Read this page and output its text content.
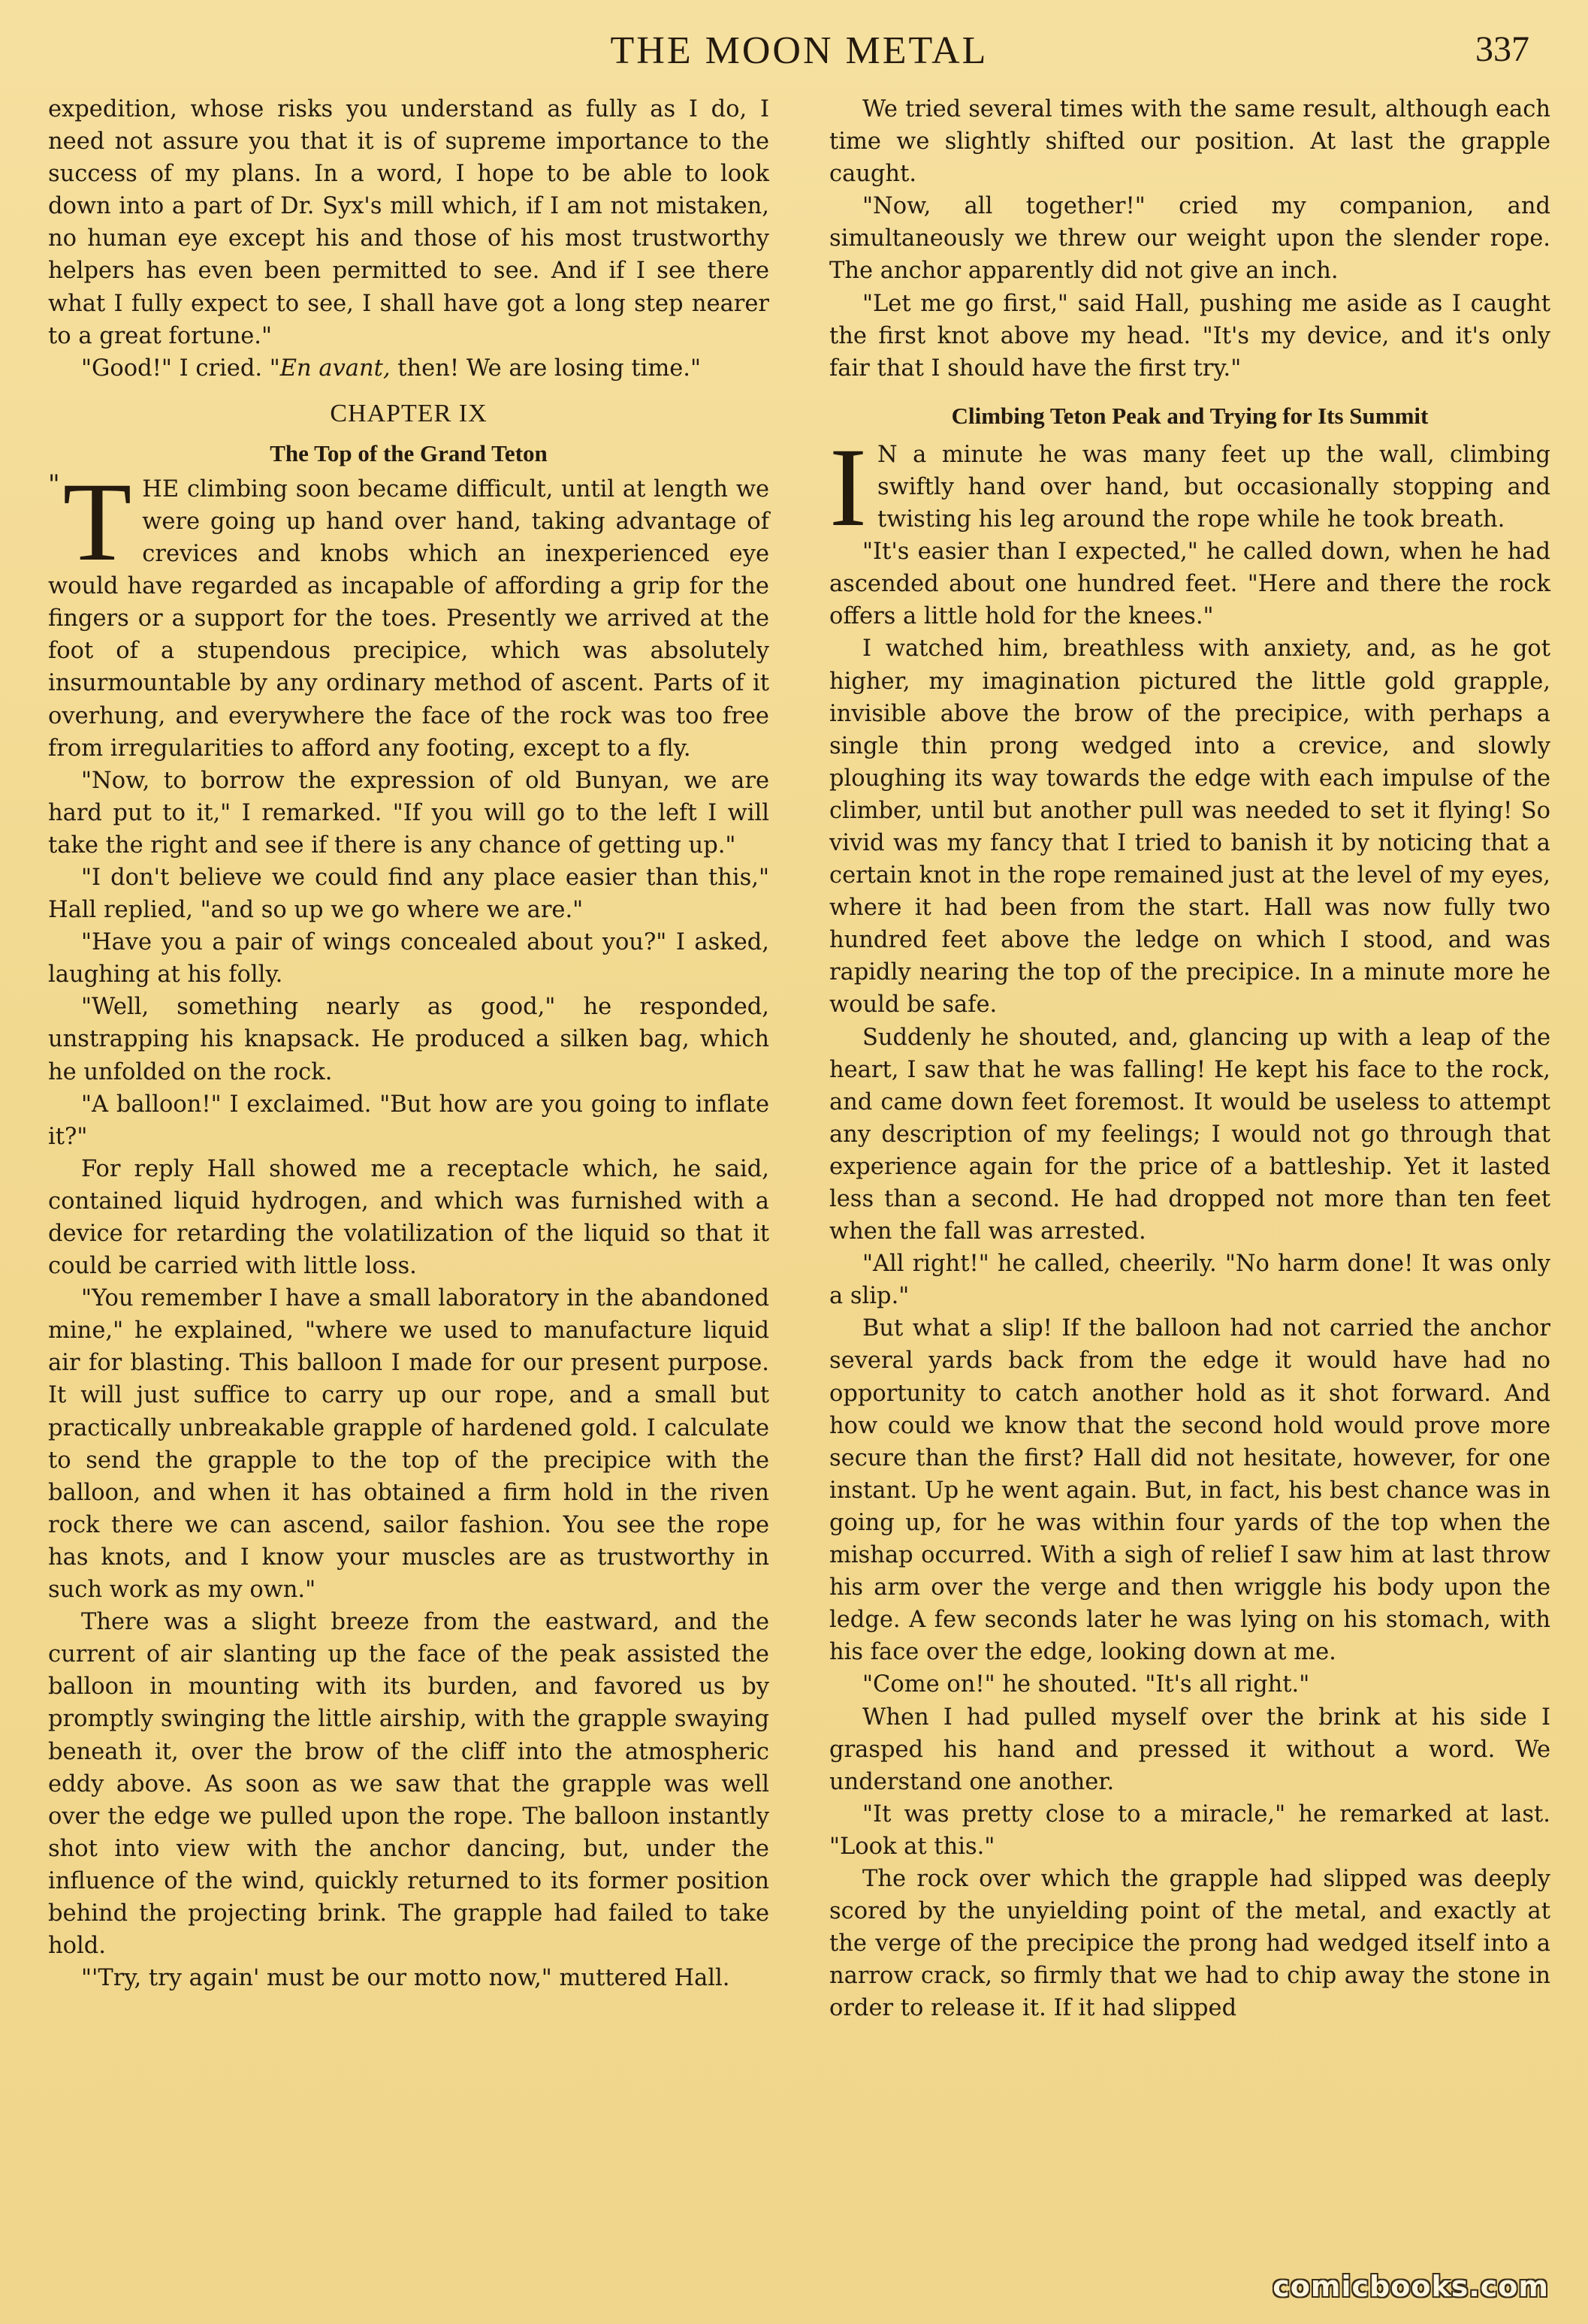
THE MOON METAL	337

expedition, whose risks you understand as fully as I do, I need not assure you that it is of supreme importance to the success of my plans. In a word, I hope to be able to look down into a part of Dr. Syx's mill which, if I am not mistaken, no human eye except his and those of his most trustworthy helpers has even been permitted to see. And if I see there what I fully expect to see, I shall have got a long step nearer to a great fortune."

"Good!" I cried. "En avant, then! We are losing time."

CHAPTER IX
The Top of the Grand Teton

" T HE climbing soon became difficult, until at length we were going up hand over hand, taking advantage of crevices and knobs which an inexperienced eye would have regarded as incapable of affording a grip for the fingers or a support for the toes. Presently we arrived at the foot of a stupendous precipice, which was absolutely insurmountable by any ordinary method of ascent. Parts of it overhung, and everywhere the face of the rock was too free from irregularities to afford any footing, except to a fly.

"Now, to borrow the expression of old Bunyan, we are hard put to it," I remarked. "If you will go to the left I will take the right and see if there is any chance of getting up."

"I don't believe we could find any place easier than this," Hall replied, "and so up we go where we are."

"Have you a pair of wings concealed about you?" I asked, laughing at his folly.

"Well, something nearly as good," he responded, unstrapping his knapsack. He produced a silken bag, which he unfolded on the rock.

"A balloon!" I exclaimed. "But how are you going to inflate it?"

For reply Hall showed me a receptacle which, he said, contained liquid hydrogen, and which was furnished with a device for retarding the volatilization of the liquid so that it could be carried with little loss.

"You remember I have a small laboratory in the abandoned mine," he explained, "where we used to manufacture liquid air for blasting. This balloon I made for our present purpose. It will just suffice to carry up our rope, and a small but practically unbreakable grapple of hardened gold. I calculate to send the grapple to the top of the precipice with the balloon, and when it has obtained a firm hold in the riven rock there we can ascend, sailor fashion. You see the rope has knots, and I know your muscles are as trustworthy in such work as my own."

There was a slight breeze from the eastward, and the current of air slanting up the face of the peak assisted the balloon in mounting with its burden, and favored us by promptly swinging the little airship, with the grapple swaying beneath it, over the brow of the cliff into the atmospheric eddy above. As soon as we saw that the grapple was well over the edge we pulled upon the rope. The balloon instantly shot into view with the anchor dancing, but, under the influence of the wind, quickly returned to its former position behind the projecting brink. The grapple had failed to take hold.

"'Try, try again' must be our motto now," muttered Hall.

We tried several times with the same result, although each time we slightly shifted our position. At last the grapple caught.

"Now, all together!" cried my companion, and simultaneously we threw our weight upon the slender rope. The anchor apparently did not give an inch.

"Let me go first," said Hall, pushing me aside as I caught the first knot above my head. "It's my device, and it's only fair that I should have the first try."

Climbing Teton Peak and Trying for Its Summit

I N a minute he was many feet up the wall, climbing swiftly hand over hand, but occasionally stopping and twisting his leg around the rope while he took breath.

"It's easier than I expected," he called down, when he had ascended about one hundred feet. "Here and there the rock offers a little hold for the knees."

I watched him, breathless with anxiety, and, as he got higher, my imagination pictured the little gold grapple, invisible above the brow of the precipice, with perhaps a single thin prong wedged into a crevice, and slowly ploughing its way towards the edge with each impulse of the climber, until but another pull was needed to set it flying! So vivid was my fancy that I tried to banish it by noticing that a certain knot in the rope remained just at the level of my eyes, where it had been from the start. Hall was now fully two hundred feet above the ledge on which I stood, and was rapidly nearing the top of the precipice. In a minute more he would be safe.

Suddenly he shouted, and, glancing up with a leap of the heart, I saw that he was falling! He kept his face to the rock, and came down feet foremost. It would be useless to attempt any description of my feelings; I would not go through that experience again for the price of a battleship. Yet it lasted less than a second. He had dropped not more than ten feet when the fall was arrested.

"All right!" he called, cheerily. "No harm done! It was only a slip."

But what a slip! If the balloon had not carried the anchor several yards back from the edge it would have had no opportunity to catch another hold as it shot forward. And how could we know that the second hold would prove more secure than the first? Hall did not hesitate, however, for one instant. Up he went again. But, in fact, his best chance was in going up, for he was within four yards of the top when the mishap occurred. With a sigh of relief I saw him at last throw his arm over the verge and then wriggle his body upon the ledge. A few seconds later he was lying on his stomach, with his face over the edge, looking down at me.

"Come on!" he shouted. "It's all right."

When I had pulled myself over the brink at his side I grasped his hand and pressed it without a word. We understand one another.

"It was pretty close to a miracle," he remarked at last. "Look at this."

The rock over which the grapple had slipped was deeply scored by the unyielding point of the metal, and exactly at the verge of the precipice the prong had wedged itself into a narrow crack, so firmly that we had to chip away the stone in order to release it. If it had slipped

comicbooks.com
